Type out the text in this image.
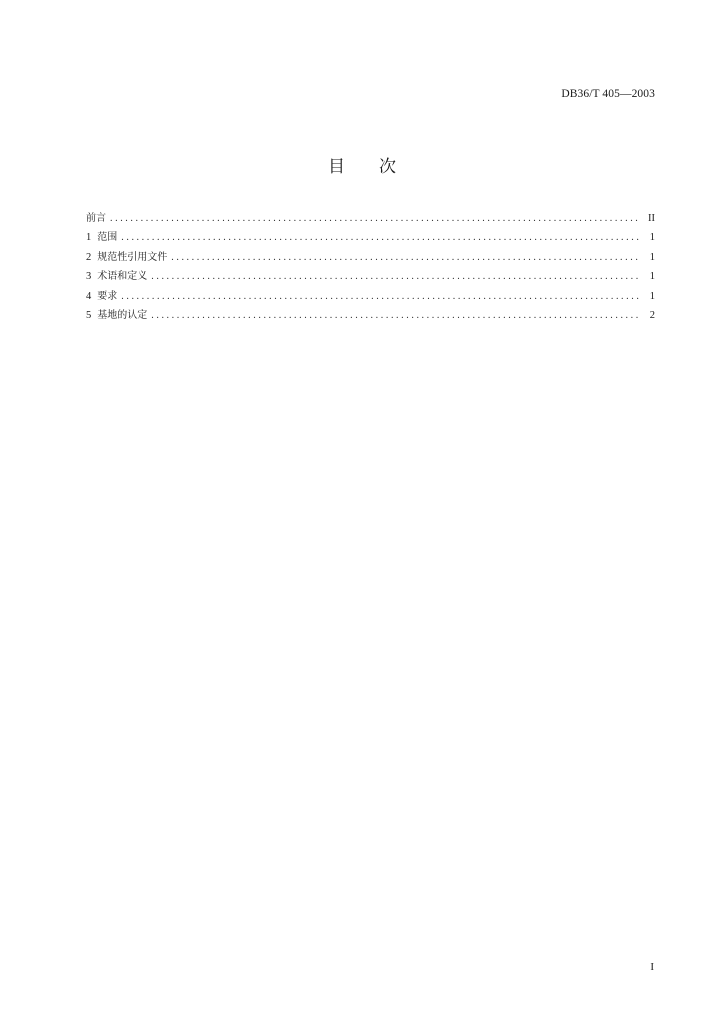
DB36/T 405—2003
目 次
前言 .....	II
1 范围 .....	1
2 规范性引用文件 .....	1
3 术语和定义 .....	1
4 要求 .....	1
5 基地的认定 .....	2
I
